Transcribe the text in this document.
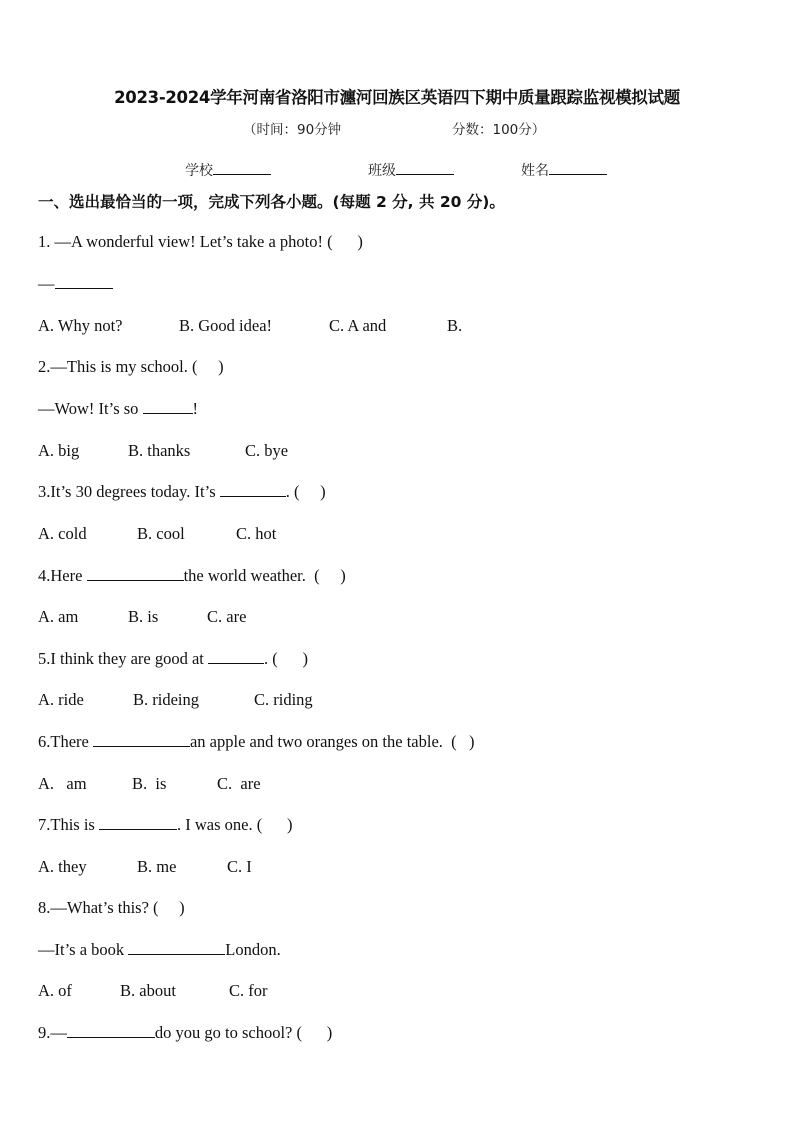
2023-2024学年河南省洛阳市瀍河回族区英语四下期中质量跟踪监视模拟试题
（时间：90分钟	分数：100分）
学校	班级	姓名
一、选出最恰当的一项，完成下列各小题。(每题 2 分, 共 20 分)。
1. —A wonderful view! Let’s take a photo! (      )
—
A. Why not?	B. Good idea!	C. A and	B.
2.—This is my school. (     )
—Wow! It’s so	!
A. big	B. thanks	C. bye
3.It’s 30 degrees today. It’s	. (     )
A. cold	B. cool	C. hot
4.Here	the world weather.  (     )
A. am	B. is	C. are
5.I think they are good at	. (      )
A. ride	B. rideing	C. riding
6.There	an apple and two oranges on the table.  (   )
A.   am	B.  is	C.  are
7.This is	. I was one. (      )
A. they	B. me	C. I
8.—What’s this? (     )
—It’s a book	London.
A. of	B. about	C. for
9.—	do you go to school? (      )
